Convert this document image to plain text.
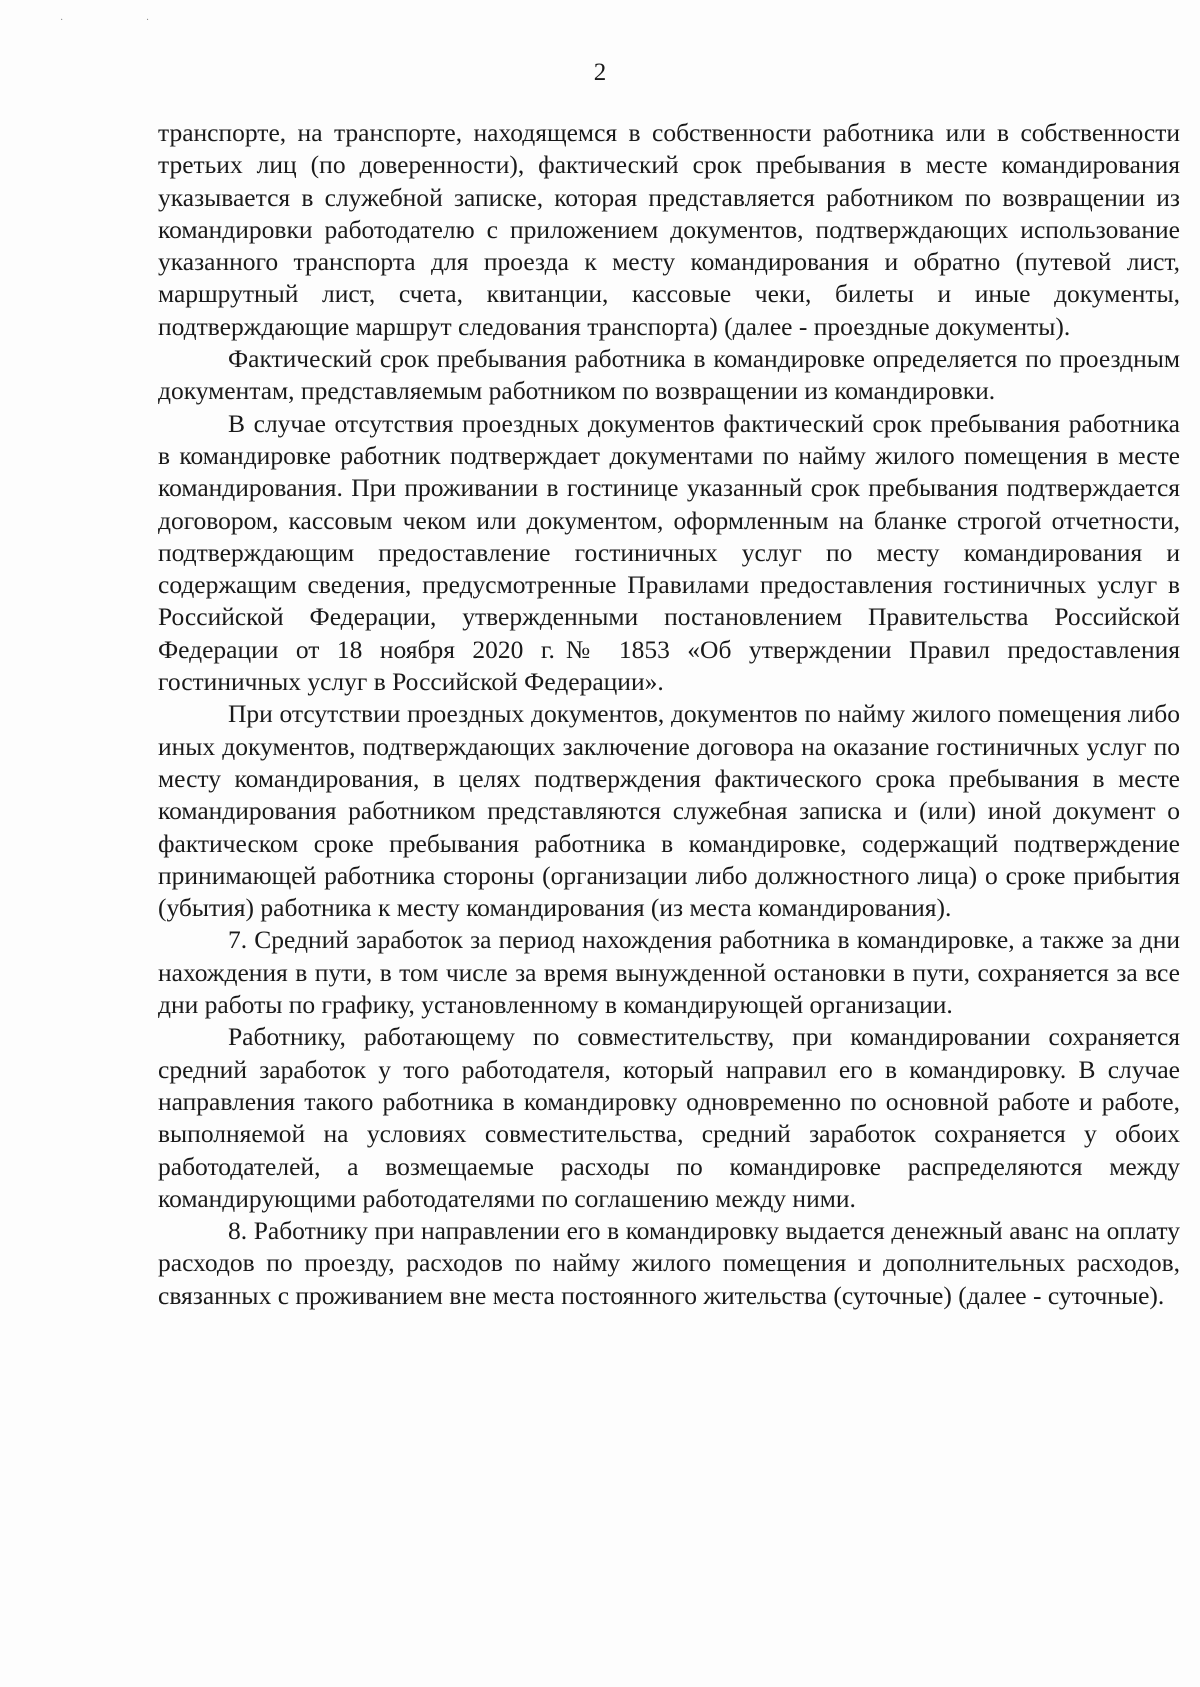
· ·
2

транспорте, на транспорте, находящемся в собственности работника или в собственности третьих лиц (по доверенности), фактический срок пребывания в месте командирования указывается в служебной записке, которая представляется работником по возвращении из командировки работодателю с приложением документов, подтверждающих использование указанного транспорта для проезда к месту командирования и обратно (путевой лист, маршрутный лист, счета, квитанции, кассовые чеки, билеты и иные документы, подтверждающие маршрут следования транспорта) (далее - проездные документы).

Фактический срок пребывания работника в командировке определяется по проездным документам, представляемым работником по возвращении из командировки.

В случае отсутствия проездных документов фактический срок пребывания работника в командировке работник подтверждает документами по найму жилого помещения в месте командирования. При проживании в гостинице указанный срок пребывания подтверждается договором, кассовым чеком или документом, оформленным на бланке строгой отчетности, подтверждающим предоставление гостиничных услуг по месту командирования и содержащим сведения, предусмотренные Правилами предоставления гостиничных услуг в Российской Федерации, утвержденными постановлением Правительства Российской Федерации от 18 ноября 2020 г.№ 1853 «Об утверждении Правил предоставления гостиничных услуг в Российской Федерации».

При отсутствии проездных документов, документов по найму жилого помещения либо иных документов, подтверждающих заключение договора на оказание гостиничных услуг по месту командирования, в целях подтверждения фактического срока пребывания в месте командирования работником представляются служебная записка и (или) иной документ о фактическом сроке пребывания работника в командировке, содержащий подтверждение принимающей работника стороны (организации либо должностного лица) о сроке прибытия (убытия) работника к месту командирования (из места командирования).

7. Средний заработок за период нахождения работника в командировке, а также за дни нахождения в пути, в том числе за время вынужденной остановки в пути, сохраняется за все дни работы по графику, установленному в командирующей организации.

Работнику, работающему по совместительству, при командировании сохраняется средний заработок у того работодателя, который направил его в командировку. В случае направления такого работника в командировку одновременно по основной работе и работе, выполняемой на условиях совместительства, средний заработок сохраняется у обоих работодателей, а возмещаемые расходы по командировке распределяются между командирующими работодателями по соглашению между ними.

8. Работнику при направлении его в командировку выдается денежный аванс на оплату расходов по проезду, расходов по найму жилого помещения и дополнительных расходов, связанных с проживанием вне места постоянного жительства (суточные) (далее - суточные).
